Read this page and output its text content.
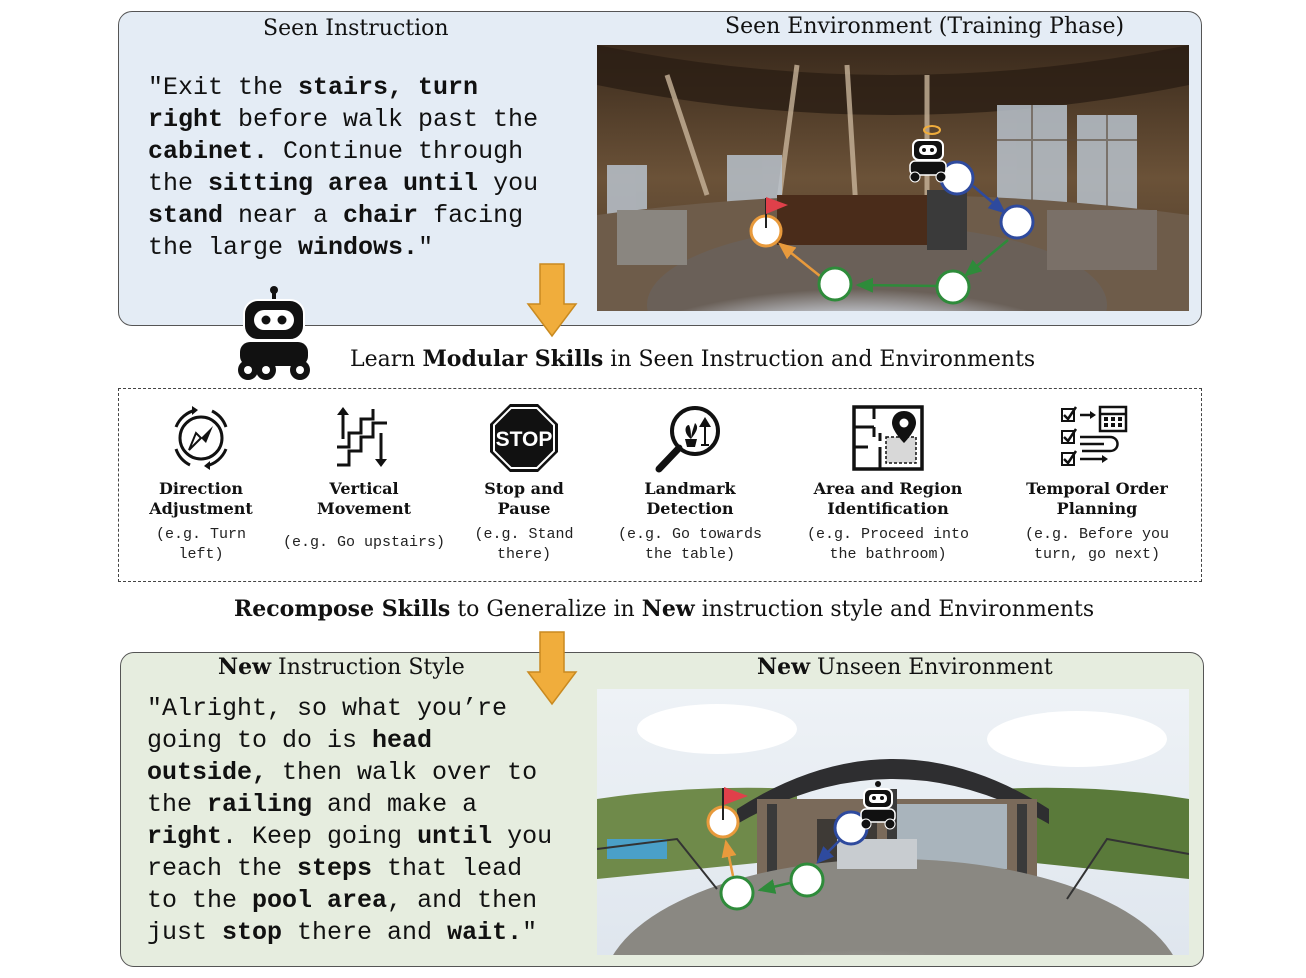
Seen Instruction	Seen Environment (Training Phase)
"Exit the stairs, turn
right before walk past the
cabinet. Continue through
the sitting area until you
stand near a chair facing
the large windows."
Learn Modular Skills in Seen Instruction and Environments
Direction
Adjustment
(e.g. Turn
left)
Vertical
Movement
(e.g. Go upstairs)
STOP
Stop and
Pause
(e.g. Stand
there)
Landmark
Detection
(e.g. Go towards
the table)
Area and Region
Identification
(e.g. Proceed into
the bathroom)
Temporal Order
Planning
(e.g. Before you
turn, go next)
Recompose Skills to Generalize in New instruction style and Environments
New Instruction Style	New Unseen Environment
"Alright, so what you’re
going to do is head
outside, then walk over to
the railing and make a
right. Keep going until you
reach the steps that lead
to the pool area, and then
just stop there and wait."
